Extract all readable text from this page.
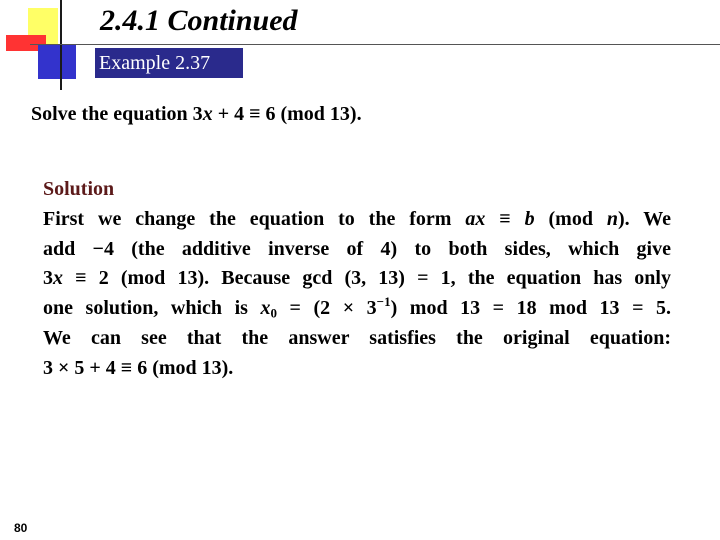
2.4.1 Continued
Example 2.37
Solve the equation 3x + 4 ≡ 6 (mod 13).
Solution
First we change the equation to the form ax ≡ b (mod n). We
add −4 (the additive inverse of 4) to both sides, which give
3x ≡ 2 (mod 13). Because gcd (3, 13) = 1, the equation has only
one solution, which is $x_0 = (2 \times 3^{-1})$ mod 13 = 18 mod 13 = 5.
We can see that the answer satisfies the original equation:
3 × 5 + 4 ≡ 6 (mod 13).
80
